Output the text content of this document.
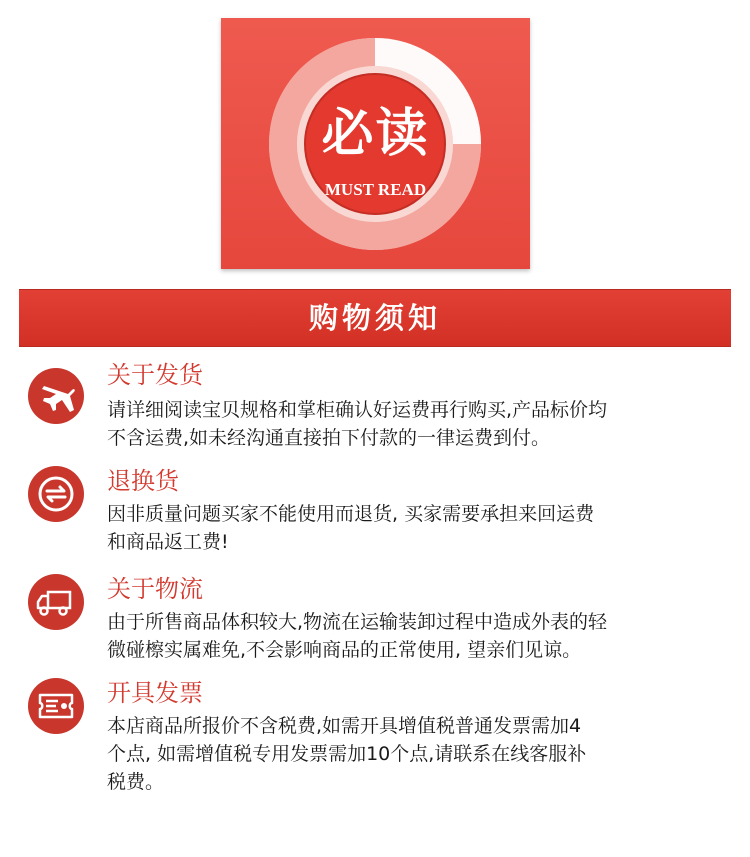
必读
MUST READ
购物须知
关于发货
请详细阅读宝贝规格和掌柜确认好运费再行购买,产品标价均
不含运费,如未经沟通直接拍下付款的一律运费到付。
退换货
因非质量问题买家不能使用而退货, 买家需要承担来回运费
和商品返工费!
关于物流
由于所售商品体积较大,物流在运输装卸过程中造成外表的轻
微碰檫实属难免,不会影响商品的正常使用, 望亲们见谅。
开具发票
本店商品所报价不含税费,如需开具增值税普通发票需加4
个点, 如需增值税专用发票需加10个点,请联系在线客服补
税费。
